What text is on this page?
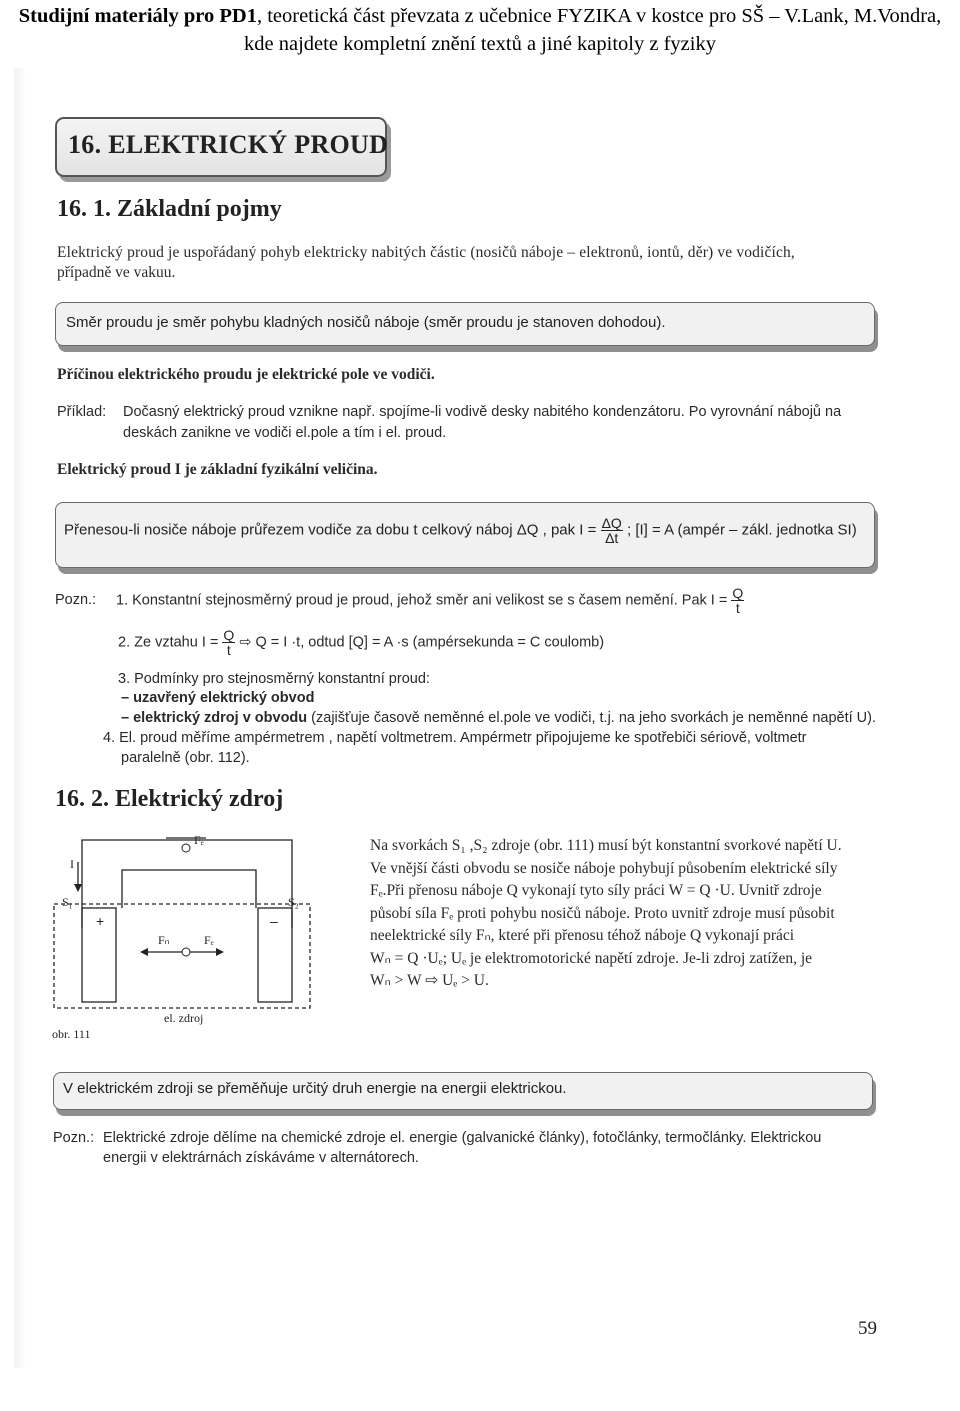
Studijní materiály pro PD1, teoretická část převzata z učebnice FYZIKA v kostce pro SŠ – V.Lank, M.Vondra,
kde najdete kompletní znění textů a jiné kapitoly z fyziky
16. ELEKTRICKÝ PROUD
16. 1. Základní pojmy
Elektrický proud je uspořádaný pohyb elektricky nabitých částic (nosičů náboje – elektronů, iontů, děr) ve vodičích,
případně ve vakuu.
Směr proudu je směr pohybu kladných nosičů náboje (směr proudu je stanoven dohodou).
Příčinou elektrického proudu je elektrické pole ve vodiči.
Příklad: Dočasný elektrický proud vznikne např. spojíme-li vodivě desky nabitého kondenzátoru. Po vyrovnání nábojů na
deskách zanikne ve vodiči el.pole a tím i el. proud.
Elektrický proud I je základní fyzikální veličina.
Přenesou-li nosiče náboje průřezem vodiče za dobu t celkový náboj ΔQ , pak $I = \frac{\Delta Q}{\Delta t}$ ; [I] = A (ampér – zákl. jednotka SI)
Pozn.: 1. Konstantní stejnosměrný proud je proud, jehož směr ani velikost se s časem nemění. Pak $I = \frac{Q}{t}$
2. Ze vztahu $I = \frac{Q}{t}$ ⇨ Q = I ·t, odtud [Q] = A ·s (ampérsekunda = C coulomb)
3. Podmínky pro stejnosměrný konstantní proud:
– uzavřený elektrický obvod
– elektrický zdroj v obvodu (zajišťuje časově neměnné el.pole ve vodiči, t.j. na jeho svorkách je neměnné napětí U).
4. El. proud měříme ampérmetrem , napětí voltmetrem. Ampérmetr připojujeme ke spotřebiči sériově, voltmetr
paralelně (obr. 112).
16. 2. Elektrický zdroj
Fₑ
I
S₁	S₂
+	–
Fₙ	Fₑ
el. zdroj
obr. 111
Na svorkách S₁ ,S₂ zdroje (obr. 111) musí být konstantní svorkové napětí U.
Ve vnější části obvodu se nosiče náboje pohybují působením elektrické síly
Fₑ.Při přenosu náboje Q vykonají tyto síly práci W = Q ·U. Uvnitř zdroje
působí síla Fₑ proti pohybu nosičů náboje. Proto uvnitř zdroje musí působit
neelektrické síly Fₙ, které při přenosu téhož náboje Q vykonají práci
Wₙ = Q ·Uₑ; Uₑ je elektromotorické napětí zdroje. Je-li zdroj zatížen, je
Wₙ > W ⇨ Uₑ > U.
V elektrickém zdroji se přeměňuje určitý druh energie na energii elektrickou.
Pozn.: Elektrické zdroje dělíme na chemické zdroje el. energie (galvanické články), fotočlánky, termočlánky. Elektrickou
energii v elektrárnách získáváme v alternátorech.
59
